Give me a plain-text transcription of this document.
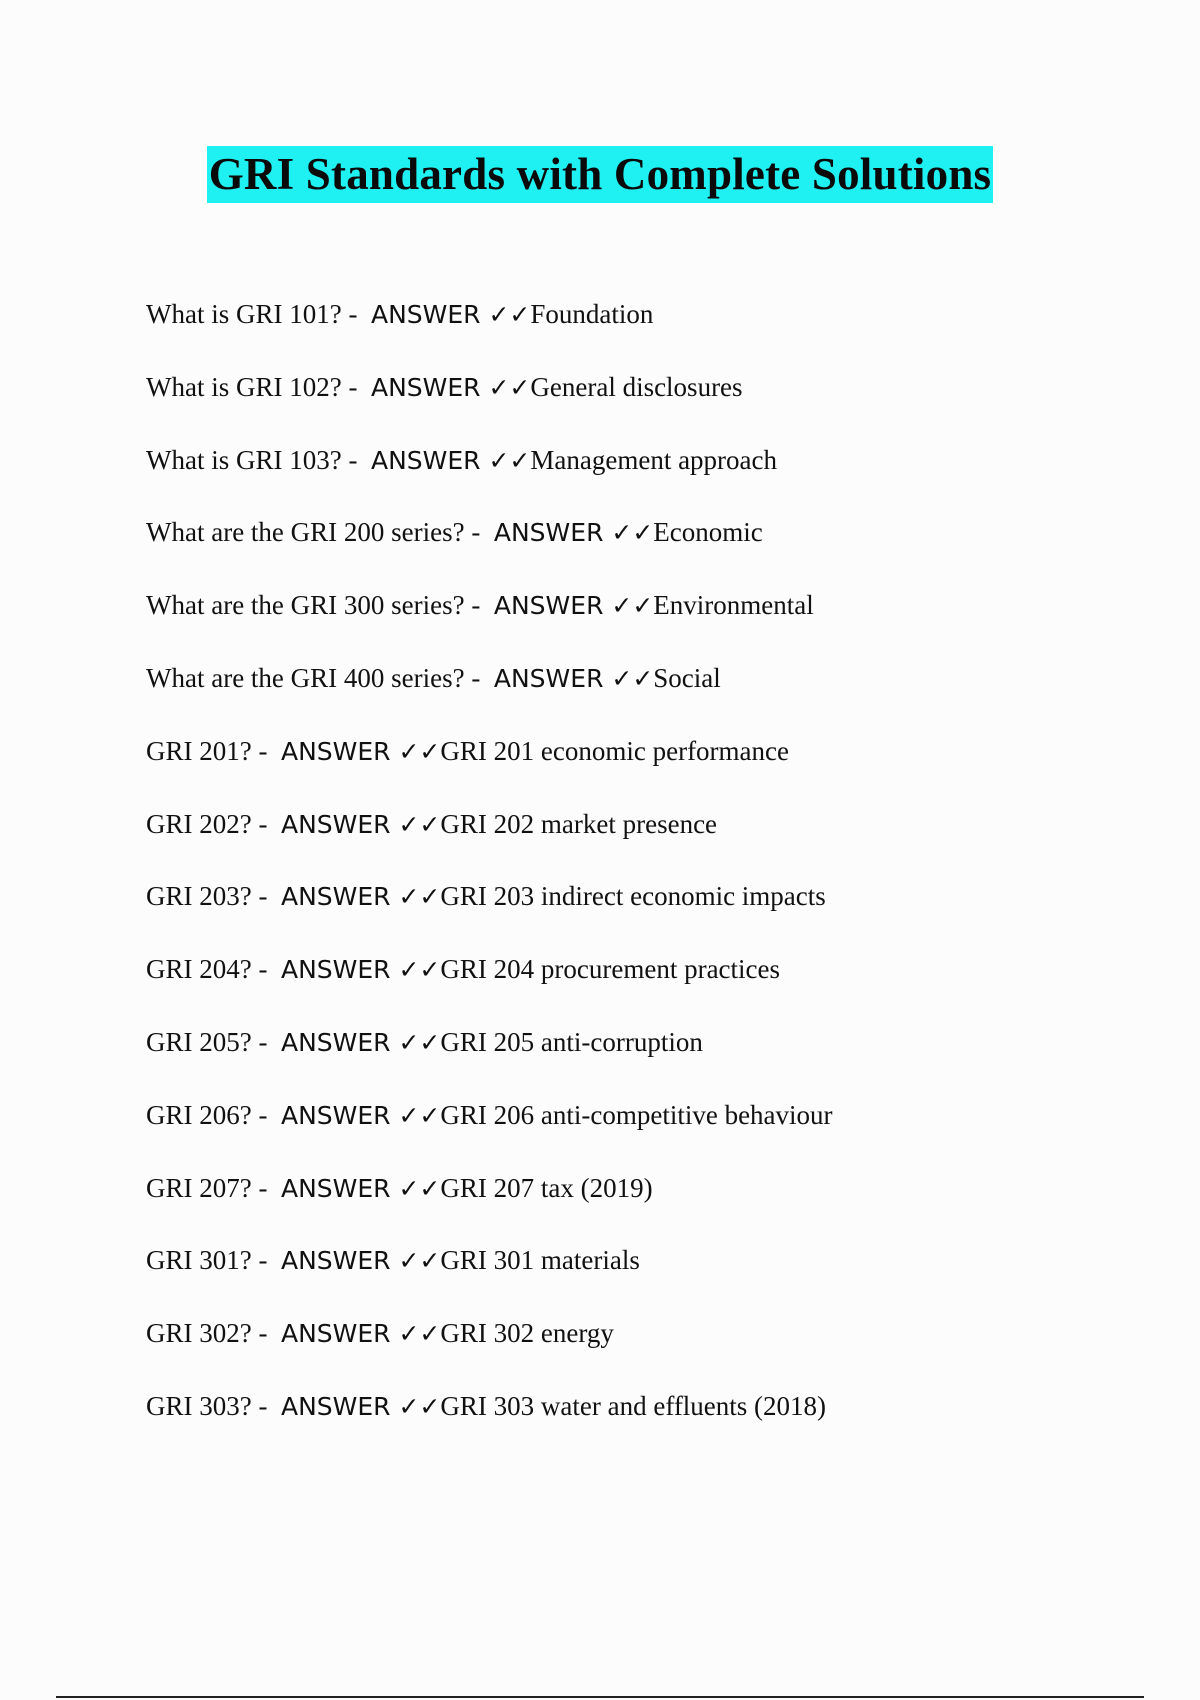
GRI Standards with Complete Solutions
What is GRI 101? -  ANSWER ✓✓Foundation
What is GRI 102? -  ANSWER ✓✓General disclosures
What is GRI 103? -  ANSWER ✓✓Management approach
What are the GRI 200 series? -  ANSWER ✓✓Economic
What are the GRI 300 series? -  ANSWER ✓✓Environmental
What are the GRI 400 series? -  ANSWER ✓✓Social
GRI 201? -  ANSWER ✓✓GRI 201 economic performance
GRI 202? -  ANSWER ✓✓GRI 202 market presence
GRI 203? -  ANSWER ✓✓GRI 203 indirect economic impacts
GRI 204? -  ANSWER ✓✓GRI 204 procurement practices
GRI 205? -  ANSWER ✓✓GRI 205 anti-corruption
GRI 206? -  ANSWER ✓✓GRI 206 anti-competitive behaviour
GRI 207? -  ANSWER ✓✓GRI 207 tax (2019)
GRI 301? -  ANSWER ✓✓GRI 301 materials
GRI 302? -  ANSWER ✓✓GRI 302 energy
GRI 303? -  ANSWER ✓✓GRI 303 water and effluents (2018)
